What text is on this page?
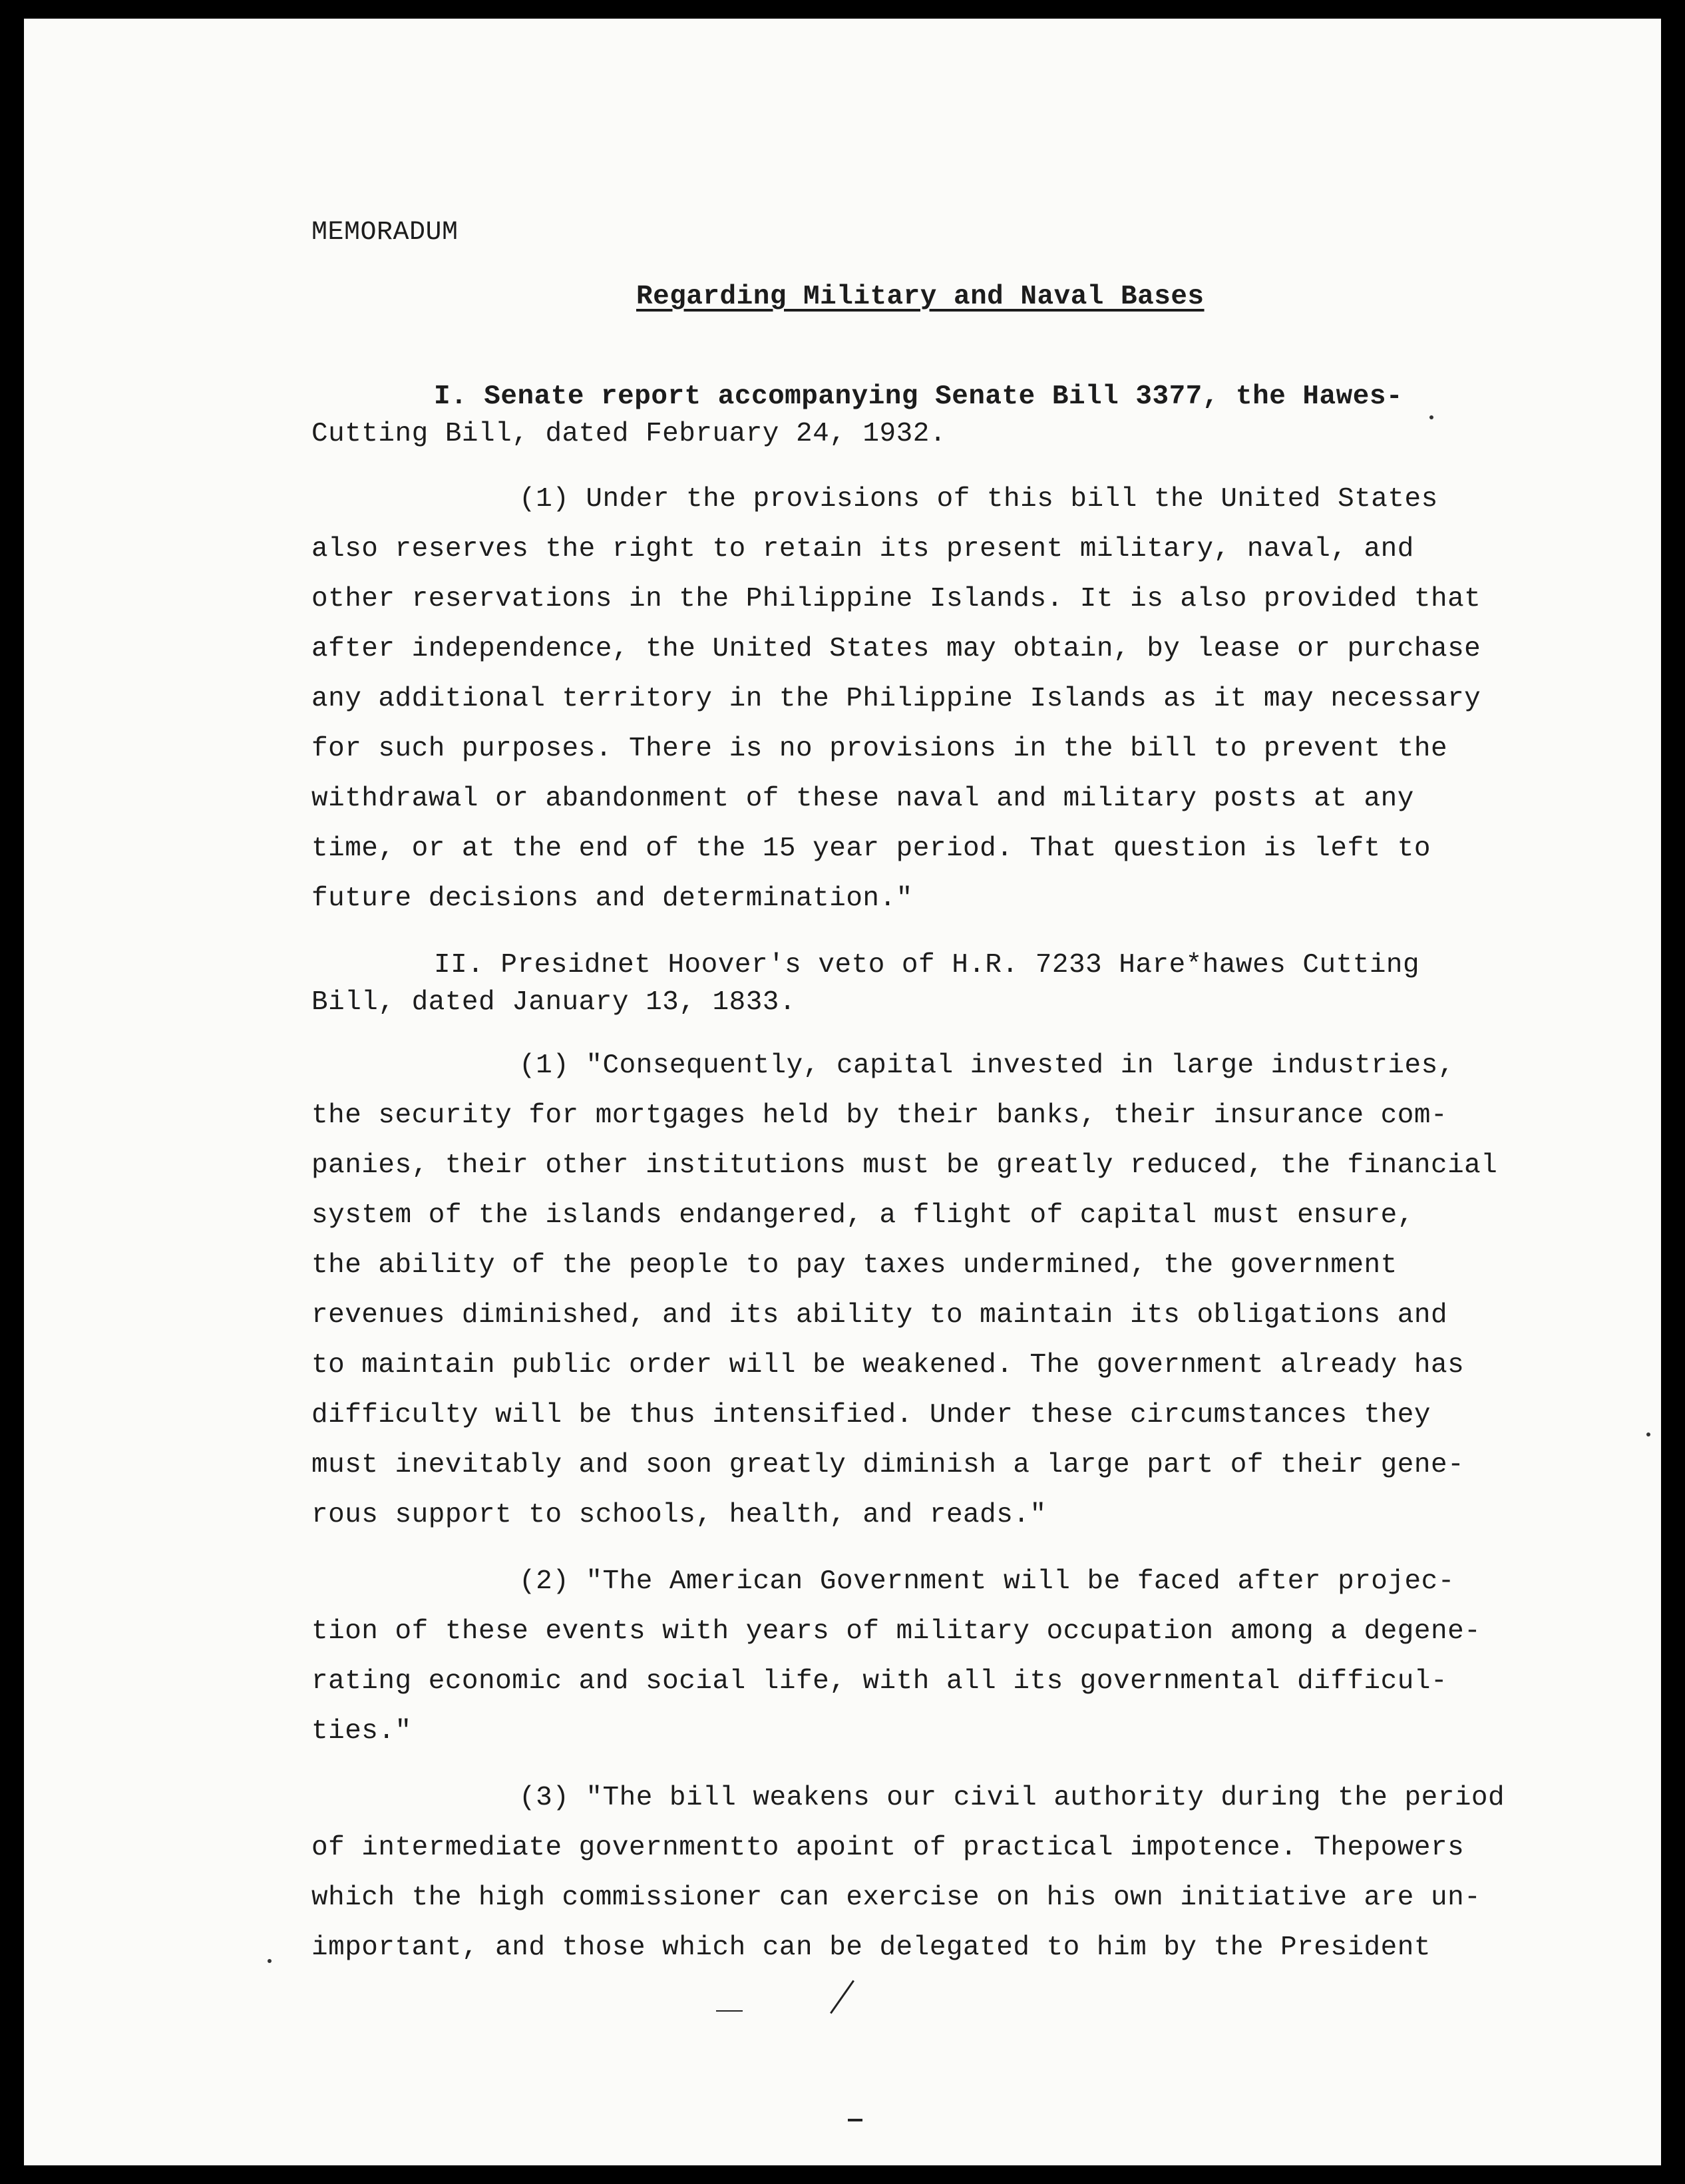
MEMORADUM
Regarding Military and Naval Bases
I. Senate report accompanying Senate Bill 3377, the Hawes-
Cutting Bill, dated February 24, 1932.
(1) Under the provisions of this bill the United States
also reserves the right to retain its present military, naval, and
other reservations in the Philippine Islands. It is also provided that
after independence, the United States may obtain, by lease or purchase
any additional territory in the Philippine Islands as it may necessary
for such purposes. There is no provisions in the bill to prevent the
withdrawal or abandonment of these naval and military posts at any
time, or at the end of the 15 year period. That question is left to
future decisions and determination."
II. Presidnet Hoover's veto of H.R. 7233 Hare*hawes Cutting
Bill, dated January 13, 1833.
(1) "Consequently, capital invested in large industries,
the security for mortgages held by their banks, their insurance com-
panies, their other institutions must be greatly reduced, the financial
system of the islands endangered, a flight of capital must ensure,
the ability of the people to pay taxes undermined, the government
revenues diminished, and its ability to maintain its obligations and
to maintain public order will be weakened. The government already has
difficulty will be thus intensified. Under these circumstances they
must inevitably and soon greatly diminish a large part of their gene-
rous support to schools, health, and reads."
(2) "The American Government will be faced after projec-
tion of these events with years of military occupation among a degene-
rating economic and social life, with all its governmental difficul-
ties."
(3) "The bill weakens our civil authority during the period
of intermediate governmentto apoint of practical impotence. Thepowers
which the high commissioner can exercise on his own initiative are un-
important, and those which can be delegated to him by the President
